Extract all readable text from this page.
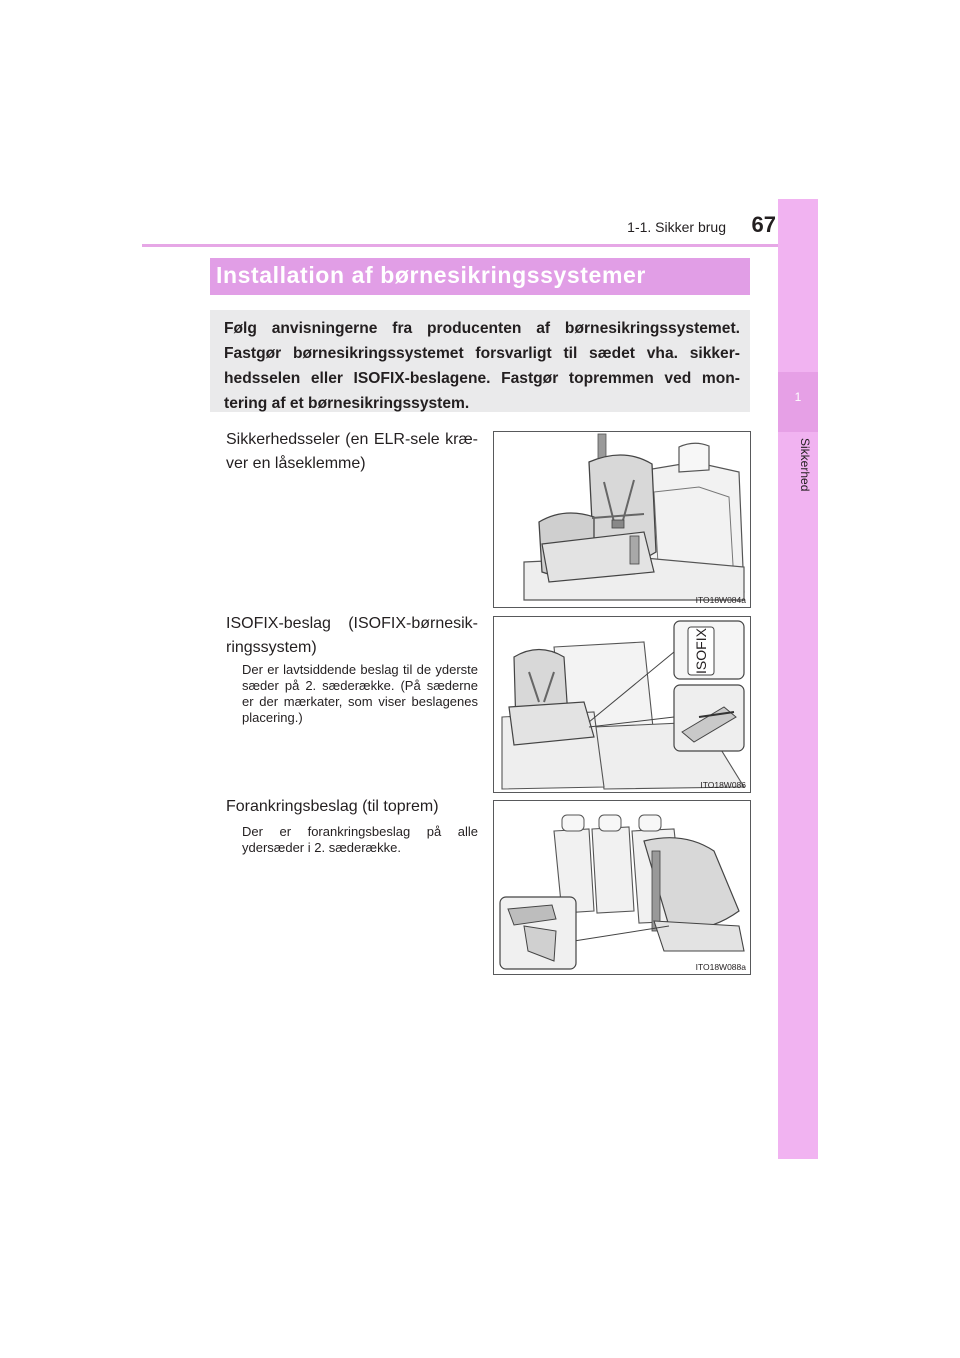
1-1. Sikker brug	67
1
Sikkerhed
Installation af børnesikringssystemer
Følg anvisningerne fra producenten af børnesikringssystemet. Fastgør børnesikringssystemet forsvarligt til sædet vha. sikkerhedsselen eller ISOFIX-beslagene. Fastgør topremmen ved montering af et børnesikringssystem.
Sikkerhedsseler (en ELR-sele kræver en låseklemme)
ITO18W084a
ISOFIX-beslag (ISOFIX-børnesikringssystem)
Der er lavtsiddende beslag til de yderste sæder på 2. sæderække. (På sæderne er der mærkater, som viser beslagenes placering.)
ISOFIX
ITO18W086
Forankringsbeslag (til toprem)
Der er forankringsbeslag på alle ydersæder i 2. sæderække.
ITO18W088a
